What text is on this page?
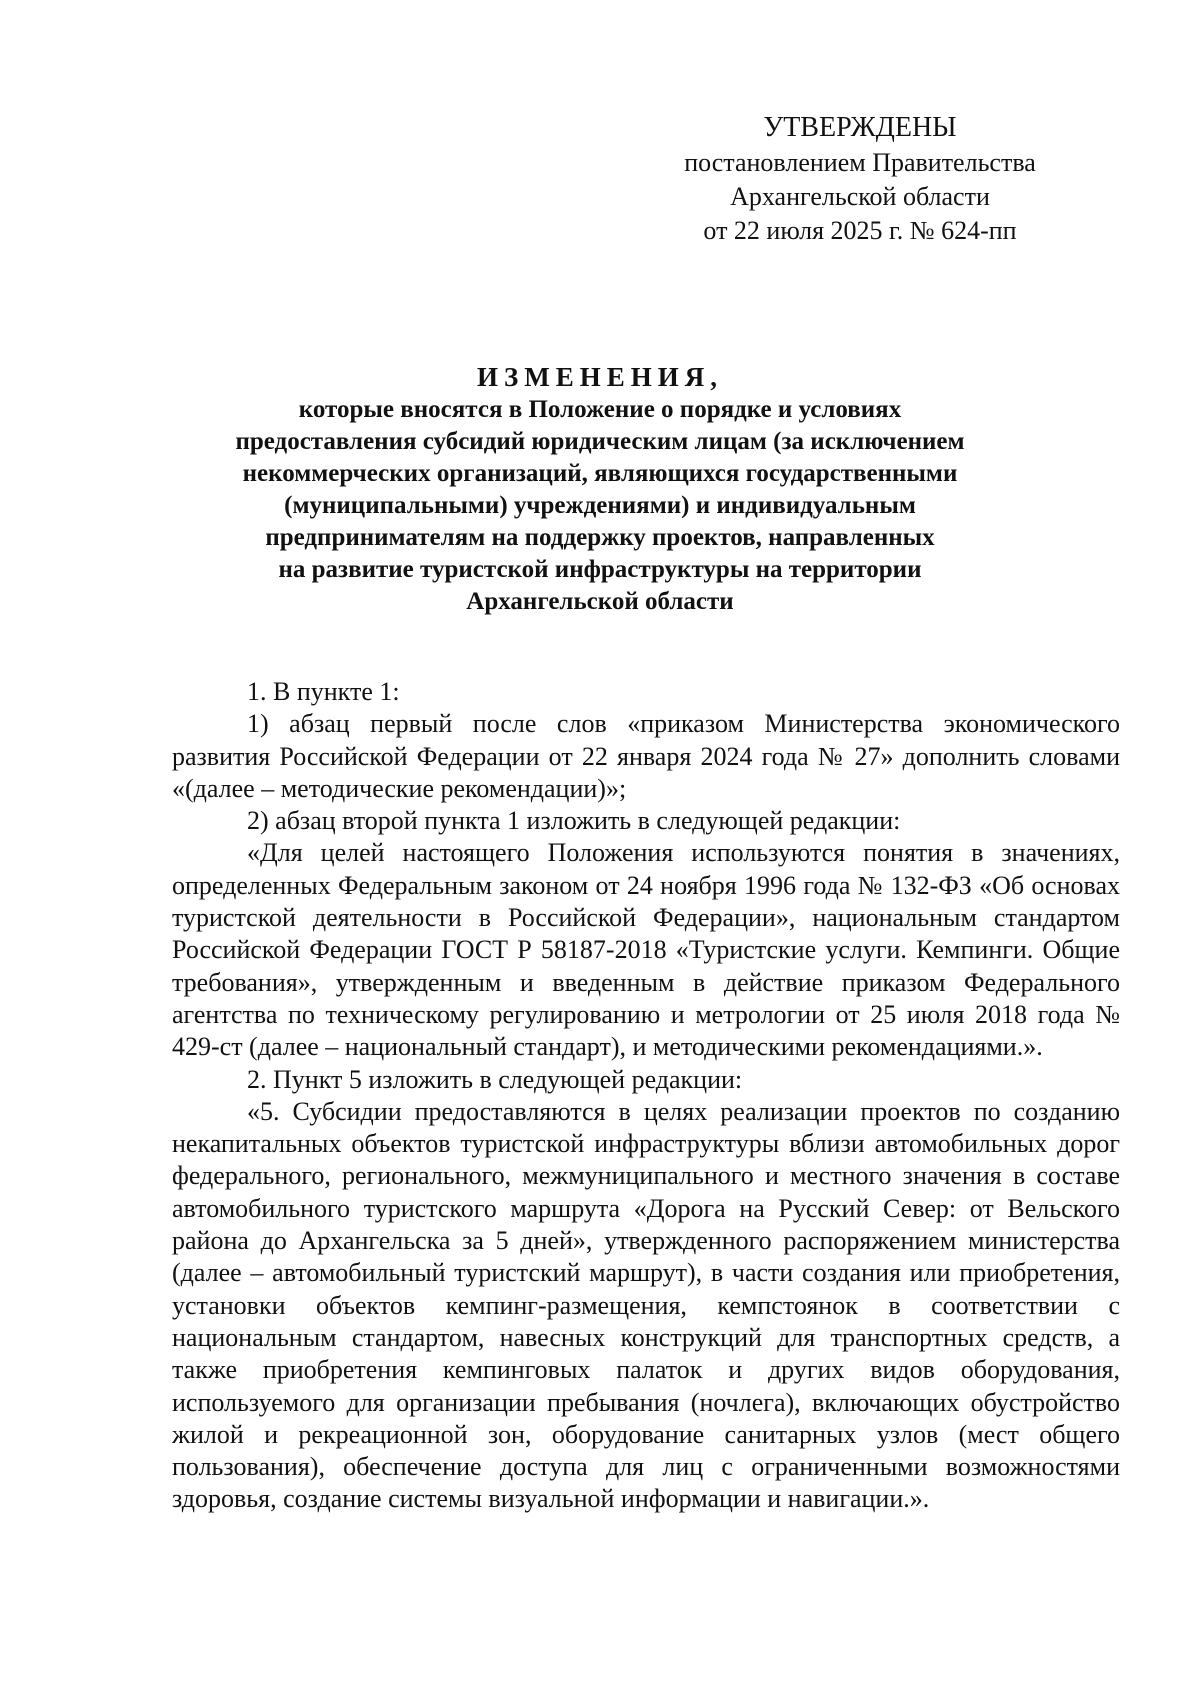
УТВЕРЖДЕНЫ
постановлением Правительства
Архангельской области
от 22 июля 2025 г. № 624-пп
ИЗМЕНЕНИЯ,
которые вносятся в Положение о порядке и условиях
предоставления субсидий юридическим лицам (за исключением
некоммерческих организаций, являющихся государственными
(муниципальными) учреждениями) и индивидуальным
предпринимателям на поддержку проектов, направленных
на развитие туристской инфраструктуры на территории
Архангельской области

1. В пункте 1:

1) абзац первый после слов «приказом Министерства экономического развития Российской Федерации от 22 января 2024 года № 27» дополнить словами «(далее – методические рекомендации)»;

2) абзац второй пункта 1 изложить в следующей редакции:

«Для целей настоящего Положения используются понятия в значениях, определенных Федеральным законом от 24 ноября 1996 года № 132-ФЗ «Об основах туристской деятельности в Российской Федерации», национальным стандартом Российской Федерации ГОСТ Р 58187-2018 «Туристские услуги. Кемпинги. Общие требования», утвержденным и введенным в действие приказом Федерального агентства по техническому регулированию и метрологии от 25 июля 2018 года № 429-ст (далее – национальный стандарт), и методическими рекомендациями.».

2. Пункт 5 изложить в следующей редакции:

«5. Субсидии предоставляются в целях реализации проектов по созданию некапитальных объектов туристской инфраструктуры вблизи автомобильных дорог федерального, регионального, межмуниципального и местного значения в составе автомобильного туристского маршрута «Дорога на Русский Север: от Вельского района до Архангельска за 5 дней», утвержденного распоряжением министерства (далее – автомобильный туристский маршрут), в части создания или приобретения, установки объектов кемпинг-размещения, кемпстоянок в соответствии с национальным стандартом, навесных конструкций для транспортных средств, а также приобретения кемпинговых палаток и других видов оборудования, используемого для организации пребывания (ночлега), включающих обустройство жилой и рекреационной зон, оборудование санитарных узлов (мест общего пользования), обеспечение доступа для лиц с ограниченными возможностями здоровья, создание системы визуальной информации и навигации.».
